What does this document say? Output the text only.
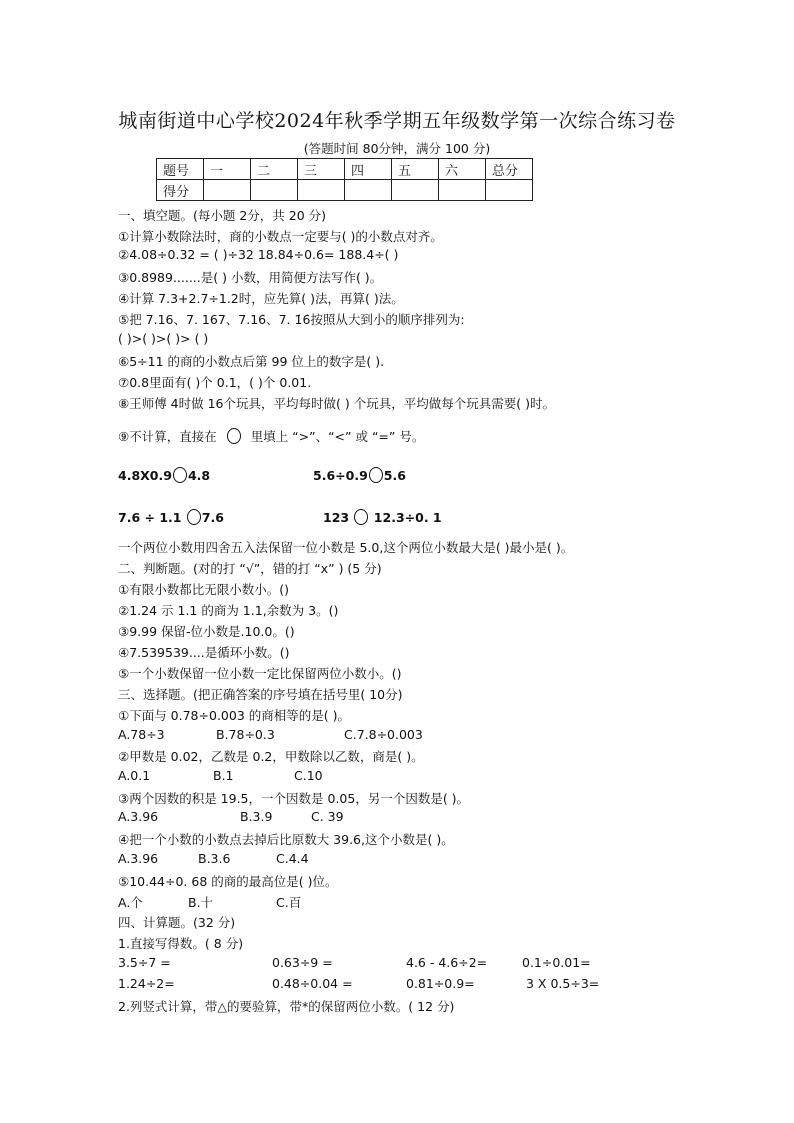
城南街道中心学校2024年秋季学期五年级数学第一次综合练习卷
(答题时间 80分钟，满分 100 分)
题号	一	二	三	四	五	六	总分
得分							
一、填空题。(每小题 2分，共 20 分)
①计算小数除法时，商的小数点一定要与( )的小数点对齐。
②4.08÷0.32 = ( )÷32 18.84÷0.6= 188.4÷( )
③0.8989.......是( ) 小数，用简便方法写作( )。
④计算 7.3+2.7÷1.2时，应先算( )法，再算( )法。
⑤把 7.16、7. 167、7.16̇、7. 1̇6̇按照从大到小的顺序排列为:
( )>( )>( )> ( )
⑥5÷11 的商的小数点后第 99 位上的数字是( ).
⑦0.8里面有( )个 0.1，( )个 0.01.
⑧王师傅 4时做 16个玩具，平均每时做( ) 个玩具，平均做每个玩具需要( )时。
⑨不计算，直接在	里填上 “>”、“<” 或 “=” 号。
4.8X0.9 4.8	5.6÷0.9 5.6
7.6 ÷ 1.1 7.6	123  12.3÷0. 1
一个两位小数用四舍五入法保留一位小数是 5.0,这个两位小数最大是( )最小是( )。
二、判断题。(对的打 “√”，错的打 “x” ) (5 分)
①有限小数都比无限小数小。()
②1.24 示 1.1 的商为 1.1,余数为 3。()
③9.99 保留-位小数是.10.0。()
④7.539539....是循环小数。()
⑤一个小数保留一位小数一定比保留两位小数小。()
三、选择题。(把正确答案的序号填在括号里( 10分)
①下面与 0.78÷0.003 的商相等的是( )。
A.78÷3	B.78÷0.3	C.7.8÷0.003
②甲数是 0.02，乙数是 0.2，甲数除以乙数，商是( )。
A.0.1	B.1	C.10
③两个因数的积是 19.5，一个因数是 0.05，另一个因数是( )。
A.3.96	B.3.9	C. 39
④把一个小数的小数点去掉后比原数大 39.6,这个小数是( )。
A.3.96	B.3.6	C.4.4
⑤10.44÷0. 68 的商的最高位是( )位。
A.个	B.十	C.百
四、计算题。(32 分)
1.直接写得数。( 8 分)
3.5÷7 =	0.63÷9 =	4.6 - 4.6÷2=	0.1÷0.01=
1.24÷2=	0.48÷0.04 =	0.81÷0.9=	3 X 0.5÷3=
2.列竖式计算，带△的要验算，带*的保留两位小数。( 12 分)
